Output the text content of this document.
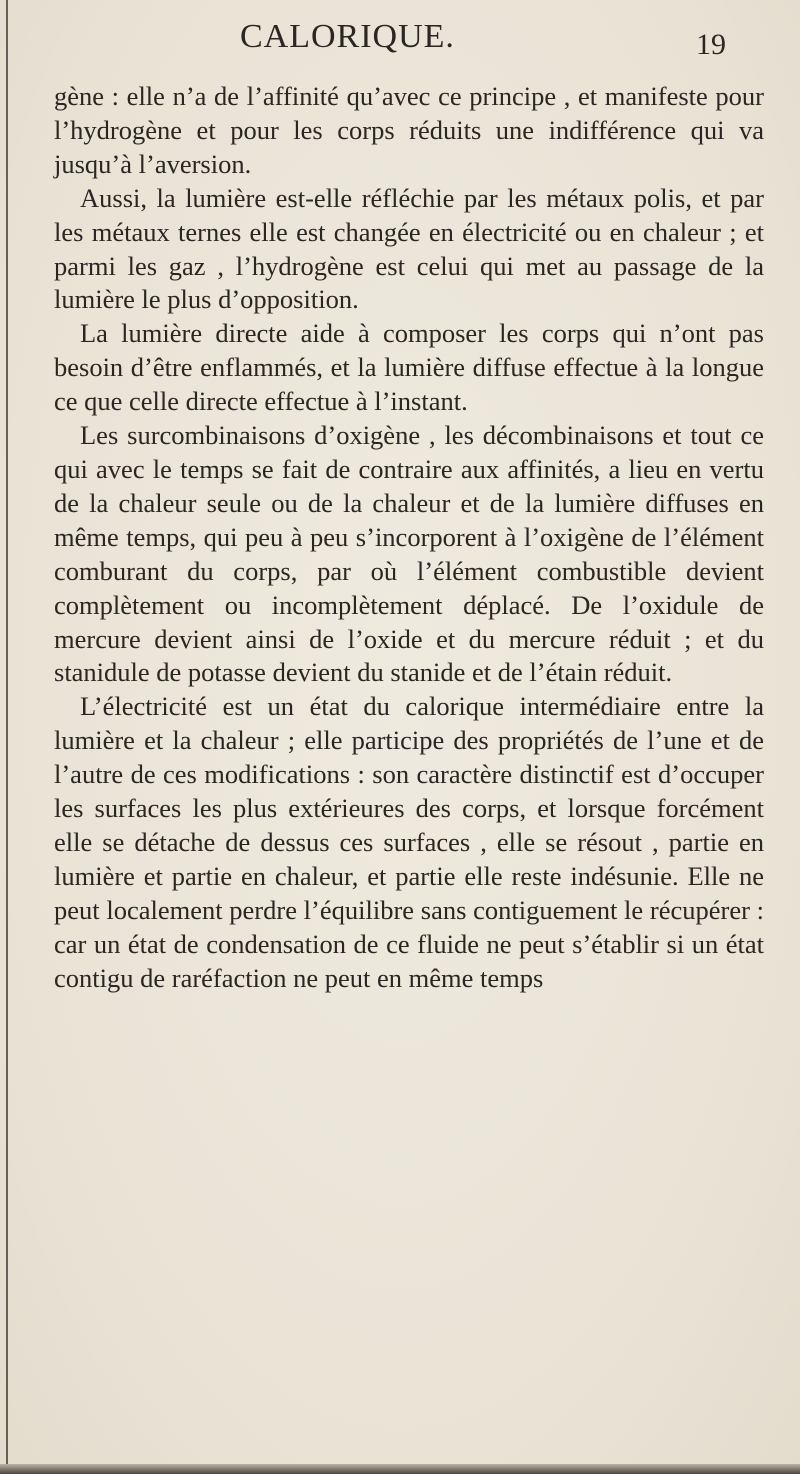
CALORIQUE.	19

gène : elle n’a de l’affinité qu’avec ce principe , et manifeste pour l’hydrogène et pour les corps réduits une indifférence qui va jusqu’à l’aversion.

Aussi, la lumière est-elle réfléchie par les métaux polis, et par les métaux ternes elle est changée en électricité ou en chaleur ; et parmi les gaz , l’hydrogène est celui qui met au passage de la lumière le plus d’opposition.

La lumière directe aide à composer les corps qui n’ont pas besoin d’être enflammés, et la lumière diffuse effectue à la longue ce que celle directe effectue à l’instant.

Les surcombinaisons d’oxigène , les décombinaisons et tout ce qui avec le temps se fait de contraire aux affinités, a lieu en vertu de la chaleur seule ou de la chaleur et de la lumière diffuses en même temps, qui peu à peu s’incorporent à l’oxigène de l’élément comburant du corps, par où l’élément combustible devient complètement ou incomplètement déplacé. De l’oxidule de mercure devient ainsi de l’oxide et du mercure réduit ; et du stanidule de potasse devient du stanide et de l’étain réduit.

L’électricité est un état du calorique intermédiaire entre la lumière et la chaleur ; elle participe des propriétés de l’une et de l’autre de ces modifications : son caractère distinctif est d’occuper les surfaces les plus extérieures des corps, et lorsque forcément elle se détache de dessus ces surfaces , elle se résout , partie en lumière et partie en chaleur, et partie elle reste indésunie. Elle ne peut localement perdre l’équilibre sans contiguement le récupérer : car un état de condensation de ce fluide ne peut s’établir si un état contigu de raréfaction ne peut en même temps
